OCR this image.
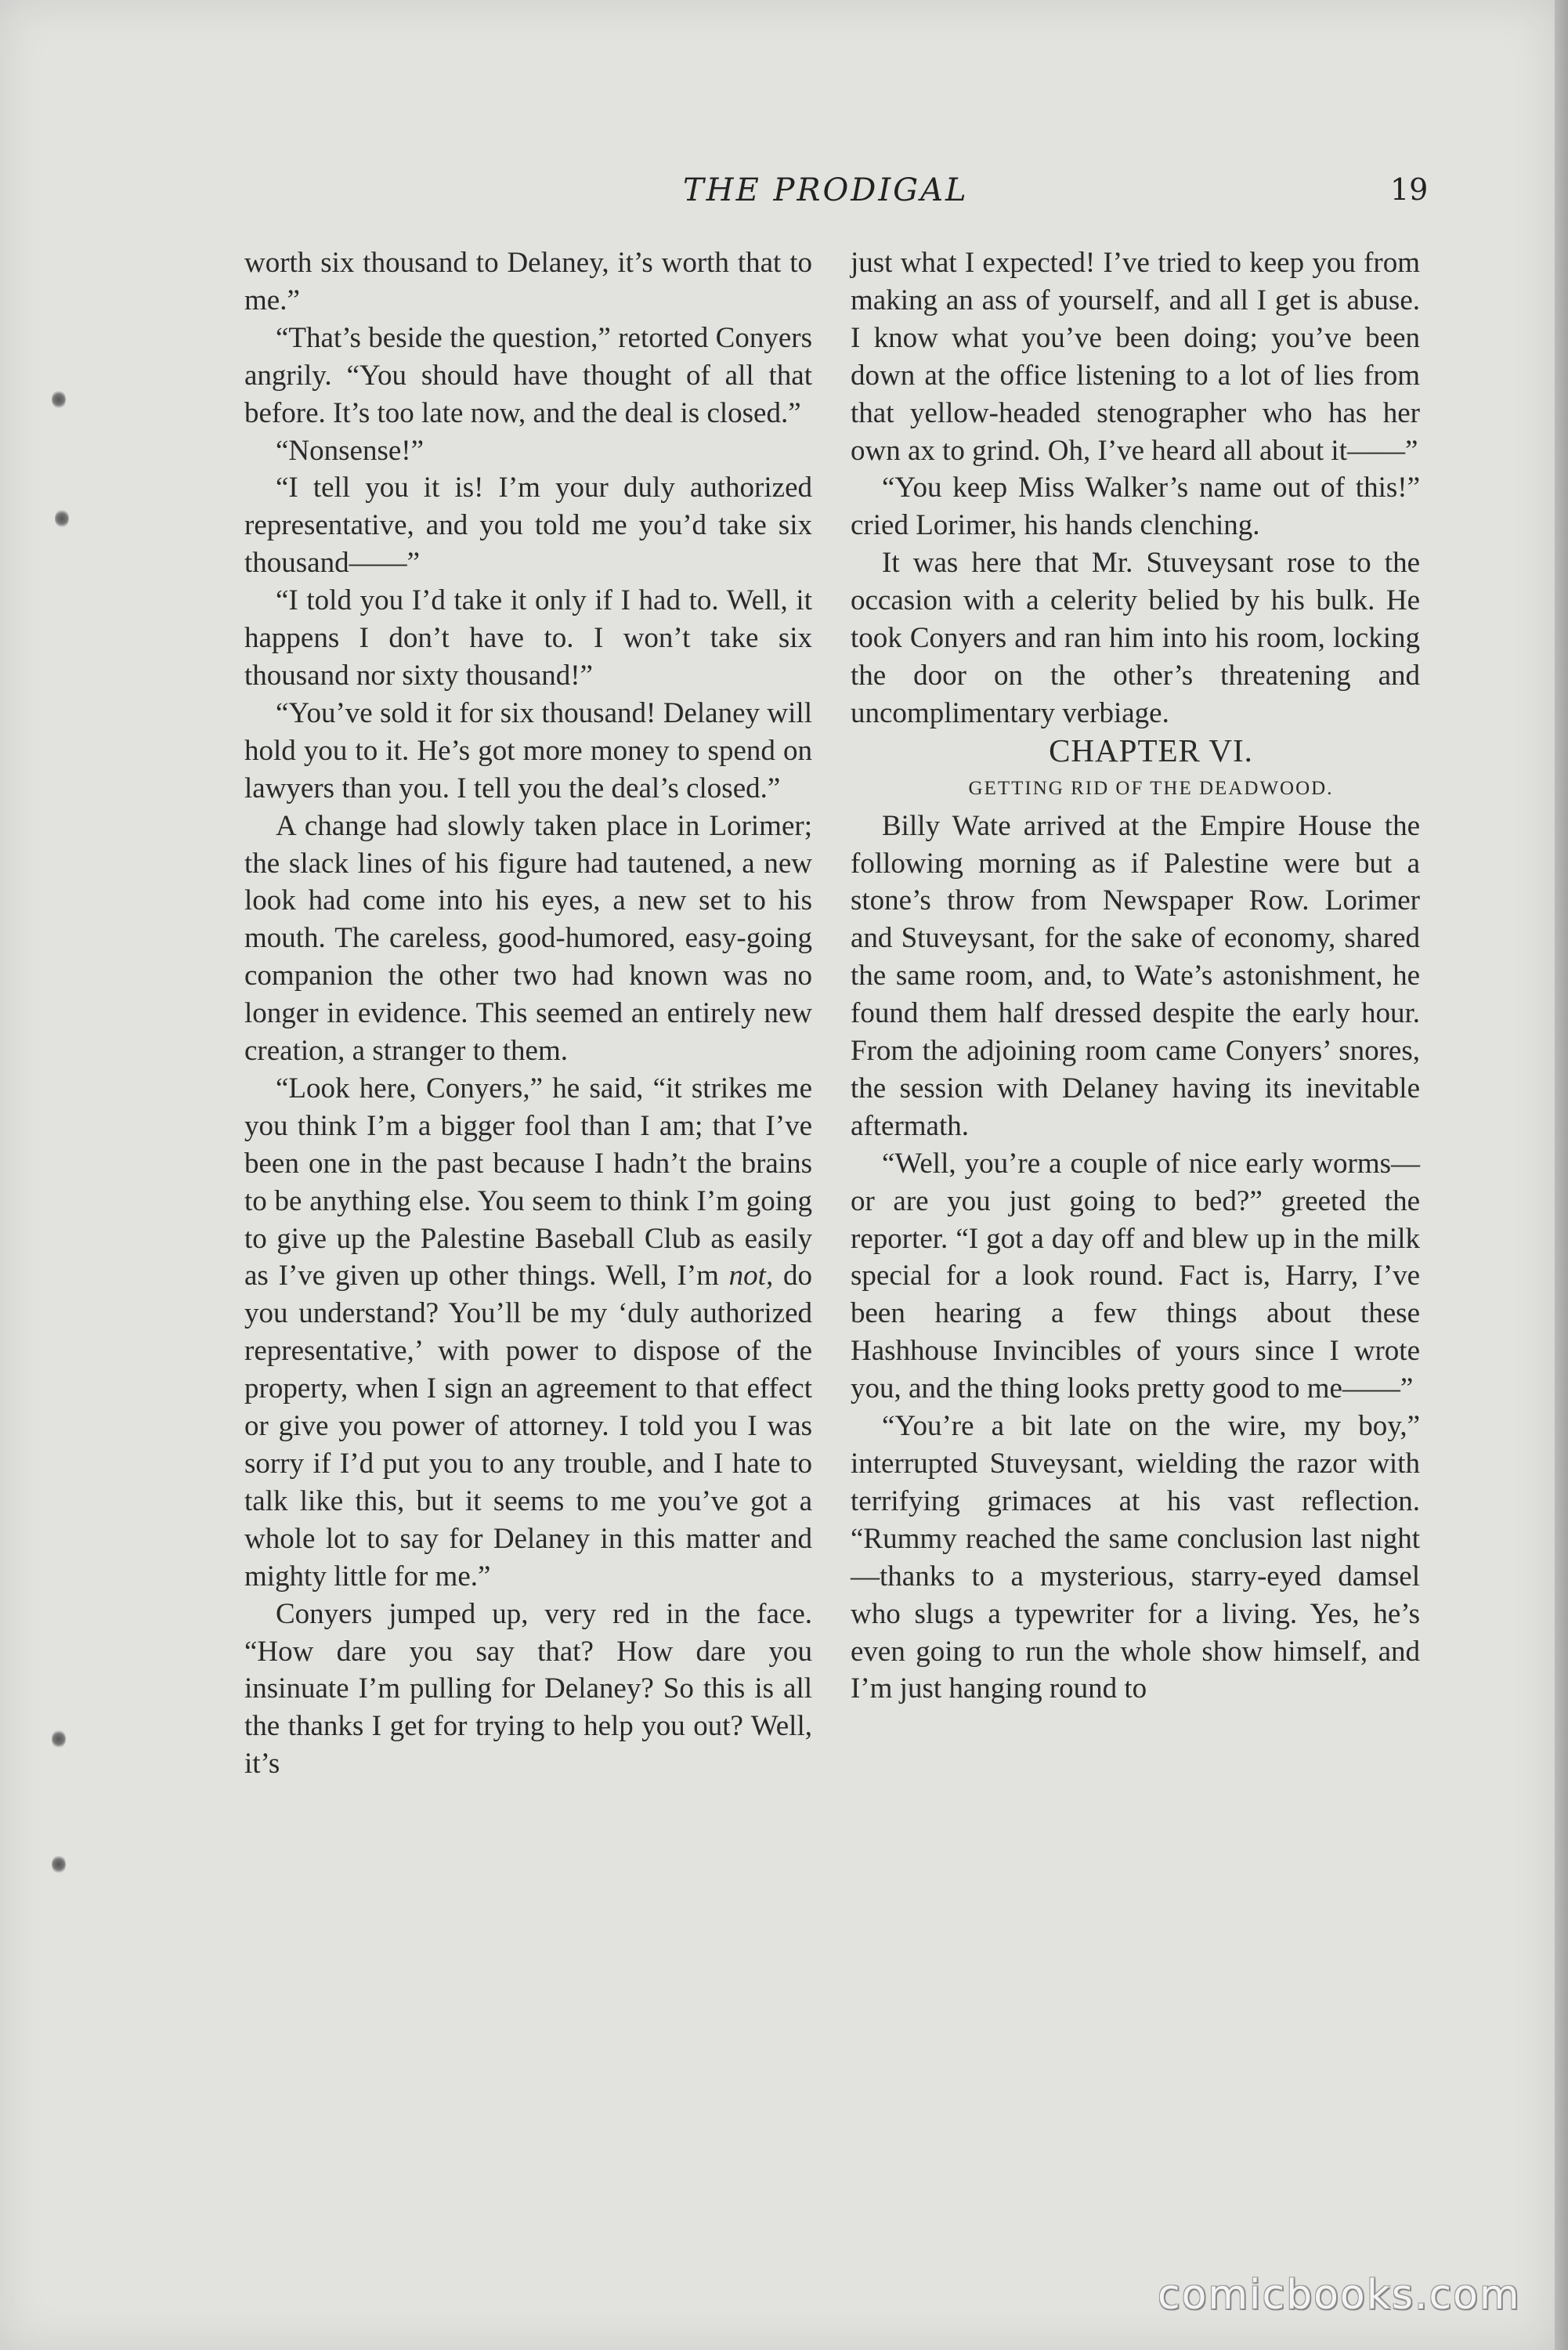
THE PRODIGAL	19

worth six thousand to Delaney, it’s worth that to me.”

“That’s beside the question,” retorted Conyers angrily. “You should have thought of all that before. It’s too late now, and the deal is closed.”

“Nonsense!”

“I tell you it is! I’m your duly authorized representative, and you told me you’d take six thousand——”

“I told you I’d take it only if I had to. Well, it happens I don’t have to. I won’t take six thousand nor sixty thousand!”

“You’ve sold it for six thousand! Delaney will hold you to it. He’s got more money to spend on lawyers than you. I tell you the deal’s closed.”

A change had slowly taken place in Lorimer; the slack lines of his figure had tautened, a new look had come into his eyes, a new set to his mouth. The careless, good-humored, easy-going companion the other two had known was no longer in evidence. This seemed an entirely new creation, a stranger to them.

“Look here, Conyers,” he said, “it strikes me you think I’m a bigger fool than I am; that I’ve been one in the past because I hadn’t the brains to be anything else. You seem to think I’m going to give up the Palestine Baseball Club as easily as I’ve given up other things. Well, I’m not, do you understand? You’ll be my ‘duly authorized representative,’ with power to dispose of the property, when I sign an agreement to that effect or give you power of attorney. I told you I was sorry if I’d put you to any trouble, and I hate to talk like this, but it seems to me you’ve got a whole lot to say for Delaney in this matter and mighty little for me.”

Conyers jumped up, very red in the face. “How dare you say that? How dare you insinuate I’m pulling for Delaney? So this is all the thanks I get for trying to help you out? Well, it’s

just what I expected! I’ve tried to keep you from making an ass of yourself, and all I get is abuse. I know what you’ve been doing; you’ve been down at the office listening to a lot of lies from that yellow-headed stenographer who has her own ax to grind. Oh, I’ve heard all about it——”

“You keep Miss Walker’s name out of this!” cried Lorimer, his hands clenching.

It was here that Mr. Stuveysant rose to the occasion with a celerity belied by his bulk. He took Conyers and ran him into his room, locking the door on the other’s threatening and uncomplimentary verbiage.

CHAPTER VI.

GETTING RID OF THE DEADWOOD.

Billy Wate arrived at the Empire House the following morning as if Palestine were but a stone’s throw from Newspaper Row. Lorimer and Stuveysant, for the sake of economy, shared the same room, and, to Wate’s astonishment, he found them half dressed despite the early hour. From the adjoining room came Conyers’ snores, the session with Delaney having its inevitable aftermath.

“Well, you’re a couple of nice early worms—or are you just going to bed?” greeted the reporter. “I got a day off and blew up in the milk special for a look round. Fact is, Harry, I’ve been hearing a few things about these Hashhouse Invincibles of yours since I wrote you, and the thing looks pretty good to me——”

“You’re a bit late on the wire, my boy,” interrupted Stuveysant, wielding the razor with terrifying grimaces at his vast reflection. “Rummy reached the same conclusion last night—thanks to a mysterious, starry-eyed damsel who slugs a typewriter for a living. Yes, he’s even going to run the whole show himself, and I’m just hanging round to

comicbooks.com
